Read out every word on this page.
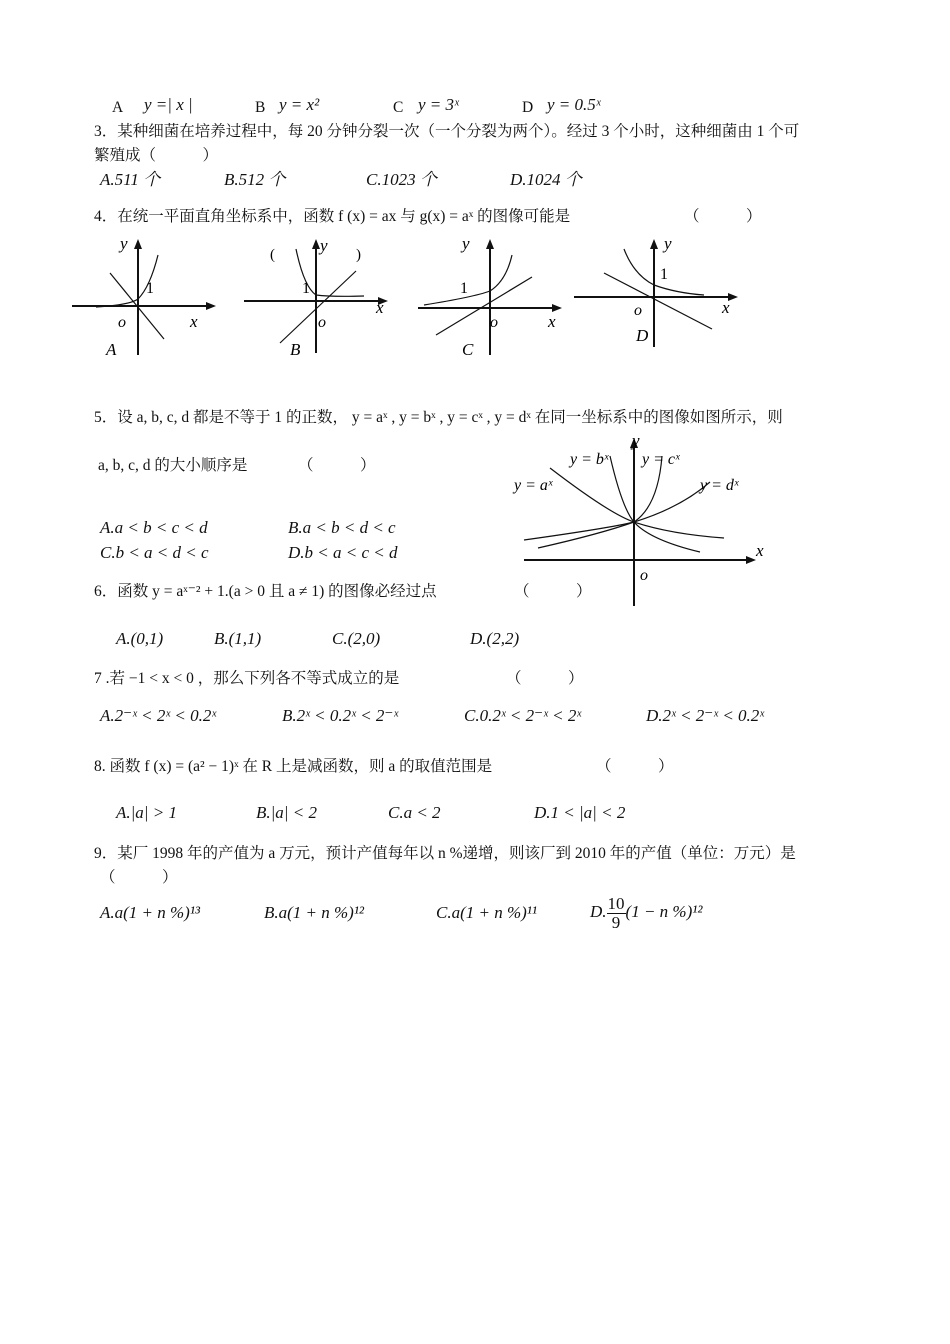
A y =| x |	B y = x²	C y = 3ˣ	D y = 0.5ˣ
3．某种细菌在培养过程中，每 20 分钟分裂一次（一个分裂为两个）。经过 3 个小时，这种细菌由 1 个可
繁殖成（　　　）
A.511 个	B.512 个	C.1023 个	D.1024 个
4．在统一平面直角坐标系中，函数 f (x) = ax 与 g(x) = aˣ 的图像可能是	（　　　）
y
1
o	x
A
(	y )
1
o
x
B
y
1
o	x
C
y
1
o	x
D
5．设 a, b, c, d 都是不等于 1 的正数， y = aˣ , y = bˣ , y = cˣ , y = dˣ 在同一坐标系中的图像如图所示，则
a, b, c, d 的大小顺序是	（　　　）
A.a < b < c < d	B.a < b < d < c
C.b < a < d < c	D.b < a < c < d
y
x
o
y = aˣ
y = bˣ y = cˣ
y = dˣ
6．函数 y = aˣ⁻² + 1.(a > 0 且 a ≠ 1) 的图像必经过点	（　　　）
A.(0,1)	B.(1,1)	C.(2,0)	D.(2,2)
7 .若 −1 < x < 0 ，那么下列各不等式成立的是	（　　　）
A.2⁻ˣ < 2ˣ < 0.2ˣ	B.2ˣ < 0.2ˣ < 2⁻ˣ	C.0.2ˣ < 2⁻ˣ < 2ˣ	D.2ˣ < 2⁻ˣ < 0.2ˣ
8. 函数 f (x) = (a² − 1)ˣ 在 R 上是减函数，则 a 的取值范围是	（　　　）
A.|a| > 1	B.|a| < 2	C.a < 2	D.1 < |a| < 2
9．某厂 1998 年的产值为 a 万元，预计产值每年以 n %递增，则该厂到 2010 年的产值（单位：万元）是
（　　　）
A.a(1 + n %)¹³	B.a(1 + n %)¹²	C.a(1 + n %)¹¹	D. $\frac{10}{9} (1 - n$ %)¹²
